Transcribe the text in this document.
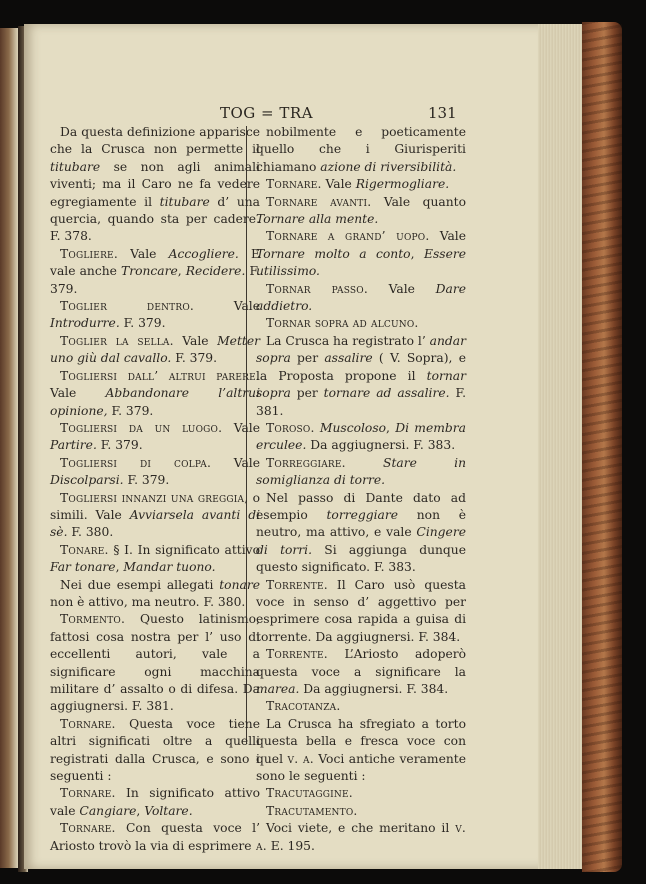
TOG = TRA	131

Da questa definizione apparisce che la Crusca non permette il titubare se non agli animali viventi; ma il Caro ne fa vedere egregiamente il titubare d’ una quercia, quando sta per cadere. F. 378.

Togliere. Vale Accogliere. E vale anche Troncare, Recidere. F. 379.

Toglier dentro. Vale Introdurre. F. 379.

Toglier la sella. Vale Metter uno giù dal cavallo. F. 379.

Togliersi dall’ altrui parere. Vale Abbandonare l’altrui opinione, F. 379.

Togliersi da un luogo. Vale Partire. F. 379.

Togliersi di colpa. Vale Discolparsi. F. 379.

Togliersi innanzi una greggia, o simili. Vale Avviarsela avanti di sè. F. 380.

Tonare. § I. In significato attivo Far tonare, Mandar tuono.

Nei due esempi allegati tonare non è attivo, ma neutro. F. 380.

Tormento. Questo latinismo, fattosi cosa nostra per l’ uso di eccellenti autori, vale a significare ogni macchina militare d’ assalto o di difesa. Da aggiugnersi. F. 381.

Tornare. Questa voce tiene altri significati oltre a quelli registrati dalla Crusca, e sono i seguenti :

Tornare. In significato attivo vale Cangiare, Voltare.

Tornare. Con questa voce l’ Ariosto trovò la via di esprimere

nobilmente e poeticamente quello che i Giurisperiti chiamano azione di riversibilità.

Tornare. Vale Rigermogliare.

Tornare avanti. Vale quanto Tornare alla mente.

Tornare a grand’ uopo. Vale Tornare molto a conto, Essere utilissimo.

Tornar passo. Vale Dare addietro.

Tornar sopra ad alcuno.

La Crusca ha registrato l’ andar sopra per assalire ( V. Sopra), e la Proposta propone il tornar sopra per tornare ad assalire. F. 381.

Toroso. Muscoloso, Di membra erculee. Da aggiugnersi. F. 383.

Torreggiare.	Stare in somiglianza di torre.

Nel passo di Dante dato ad esempio torreggiare non è neutro, ma attivo, e vale Cingere di torri. Si aggiunga dunque questo significato. F. 383.

Torrente. Il Caro usò questa voce in senso d’ aggettivo per esprimere cosa rapida a guisa di torrente. Da aggiugnersi. F. 384.

Torrente. L’Ariosto adoperò questa voce a significare la marea. Da aggiugnersi. F. 384.

Tracotanza.

La Crusca ha sfregiato a torto questa bella e fresca voce con quel v. a. Voci antiche veramente sono le seguenti :

Tracutaggine.

Tracutamento.

Voci viete, e che meritano il v. a. E. 195.
